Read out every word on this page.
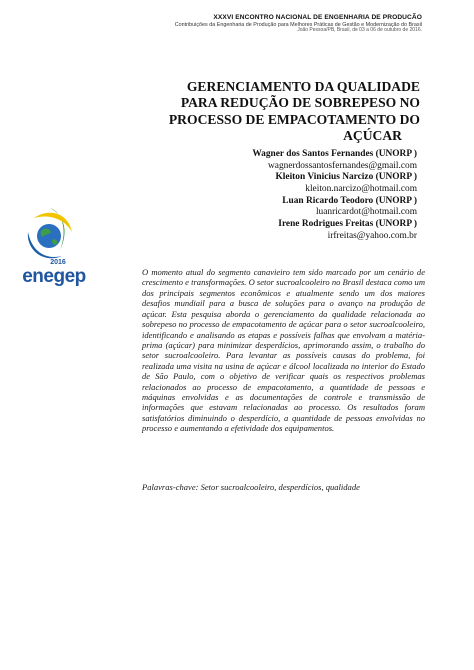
XXXVI ENCONTRO NACIONAL DE ENGENHARIA DE PRODUCÃO
Contribuições da Engenharia de Produção para Melhores Práticas de Gestão e Modernização do Brasil
João Pessoa/PB, Brasil, de 03 a 06 de outubro de 2016.
GERENCIAMENTO DA QUALIDADE
PARA REDUÇÃO DE SOBREPESO NO
PROCESSO DE EMPACOTAMENTO DO
AÇÚCAR
Wagner dos Santos Fernandes (UNORP )
wagnerdossantosfernandes@gmail.com
Kleiton Vinicius Narcizo (UNORP )
kleiton.narcizo@hotmail.com
Luan Ricardo Teodoro (UNORP )
luanricardot@hotmail.com
Irene Rodrigues Freitas (UNORP )
irfreitas@yahoo.com.br
2016
enegep	O momento atual do segmento canavieiro tem sido marcado por um cenário de crescimento e transformações. O setor sucroalcooleiro no Brasil destaca como um dos principais segmentos econômicos e atualmente sendo um dos maiores desafios mundiail para a busca de soluções para o avanço na produção de açúcar. Esta pesquisa aborda o gerenciamento da qualidade relacionada ao sobrepeso no processo de empacotamento de açúcar para o setor sucroalcooleiro, identificando e analisando as etapas e possíveis falhas que envolvam a matéria-prima (açúcar) para minimizar desperdícios, aprimorando assim, o trabalho do setor sucroalcooleiro. Para levantar as possíveis causas do problema, foi realizada uma visita na usina de açúcar e álcool localizada no interior do Estado de São Paulo, com o objetivo de verificar quais os respectivos problemas relacionados ao processo de empacotamento, a quantidade de pessoas e máquinas envolvidas e as documentações de controle e transmissão de informações que estavam relacionadas ao processo. Os resultados foram satisfatórios diminuindo o desperdício, a quantidade de pessoas envolvidas no processo e aumentando a efetividade dos equipamentos.

Palavras-chave: Setor sucroalcooleiro, desperdícios, qualidade
